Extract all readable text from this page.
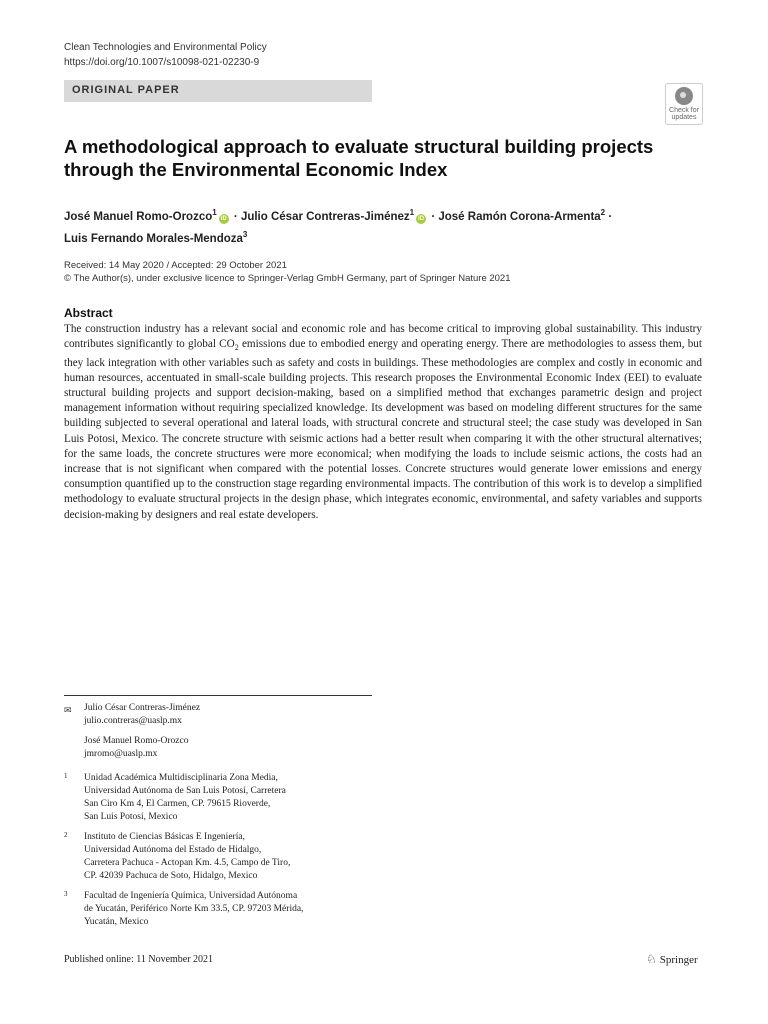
Clean Technologies and Environmental Policy
https://doi.org/10.1007/s10098-021-02230-9
ORIGINAL PAPER
Check for
updates
A methodological approach to evaluate structural building projects
through the Environmental Economic Index
José Manuel Romo-Orozco$^1$iD · Julio César Contreras-Jiménez$^1$iD · José Ramón Corona-Armenta$^2$ ·
Luis Fernando Morales-Mendoza$^3$
Received: 14 May 2020 / Accepted: 29 October 2021
© The Author(s), under exclusive licence to Springer-Verlag GmbH Germany, part of Springer Nature 2021
Abstract
The construction industry has a relevant social and economic role and has become critical to improving global sustainability. This industry contributes significantly to global $CO_2$ emissions due to embodied energy and operating energy. There are methodologies to assess them, but they lack integration with other variables such as safety and costs in buildings. These methodologies are complex and costly in economic and human resources, accentuated in small-scale building projects. This research proposes the Environmental Economic Index (EEI) to evaluate structural building projects and support decision-making, based on a simplified method that exchanges parametric design and project management information without requiring specialized knowledge. Its development was based on modeling different structures for the same building subjected to several operational and lateral loads, with structural concrete and structural steel; the case study was developed in San Luis Potosi, Mexico. The concrete structure with seismic actions had a better result when comparing it with the other structural alternatives; for the same loads, the concrete structures were more economical; when modifying the loads to include seismic actions, the costs had an increase that is not significant when compared with the potential losses. Concrete structures would generate lower emissions and energy consumption quantified up to the construction stage regarding environmental impacts. The contribution of this work is to develop a simplified methodology to evaluate structural projects in the design phase, which integrates economic, environmental, and safety variables and supports decision-making by designers and real estate developers.
✉ Julio César Contreras-Jiménez
julio.contreras@uaslp.mx
José Manuel Romo-Orozco
jmromo@uaslp.mx
1 Unidad Académica Multidisciplinaria Zona Media,
Universidad Autónoma de San Luis Potosí, Carretera
San Ciro Km 4, El Carmen, CP. 79615 Rioverde,
San Luis Potosí, Mexico
2 Instituto de Ciencias Básicas E Ingeniería,
Universidad Autónoma del Estado de Hidalgo,
Carretera Pachuca - Actopan Km. 4.5, Campo de Tiro,
CP. 42039 Pachuca de Soto, Hidalgo, Mexico
3 Facultad de Ingeniería Química, Universidad Autónoma
de Yucatán, Periférico Norte Km 33.5, CP. 97203 Mérida,
Yucatán, Mexico
Published online: 11 November 2021	♘ Springer
